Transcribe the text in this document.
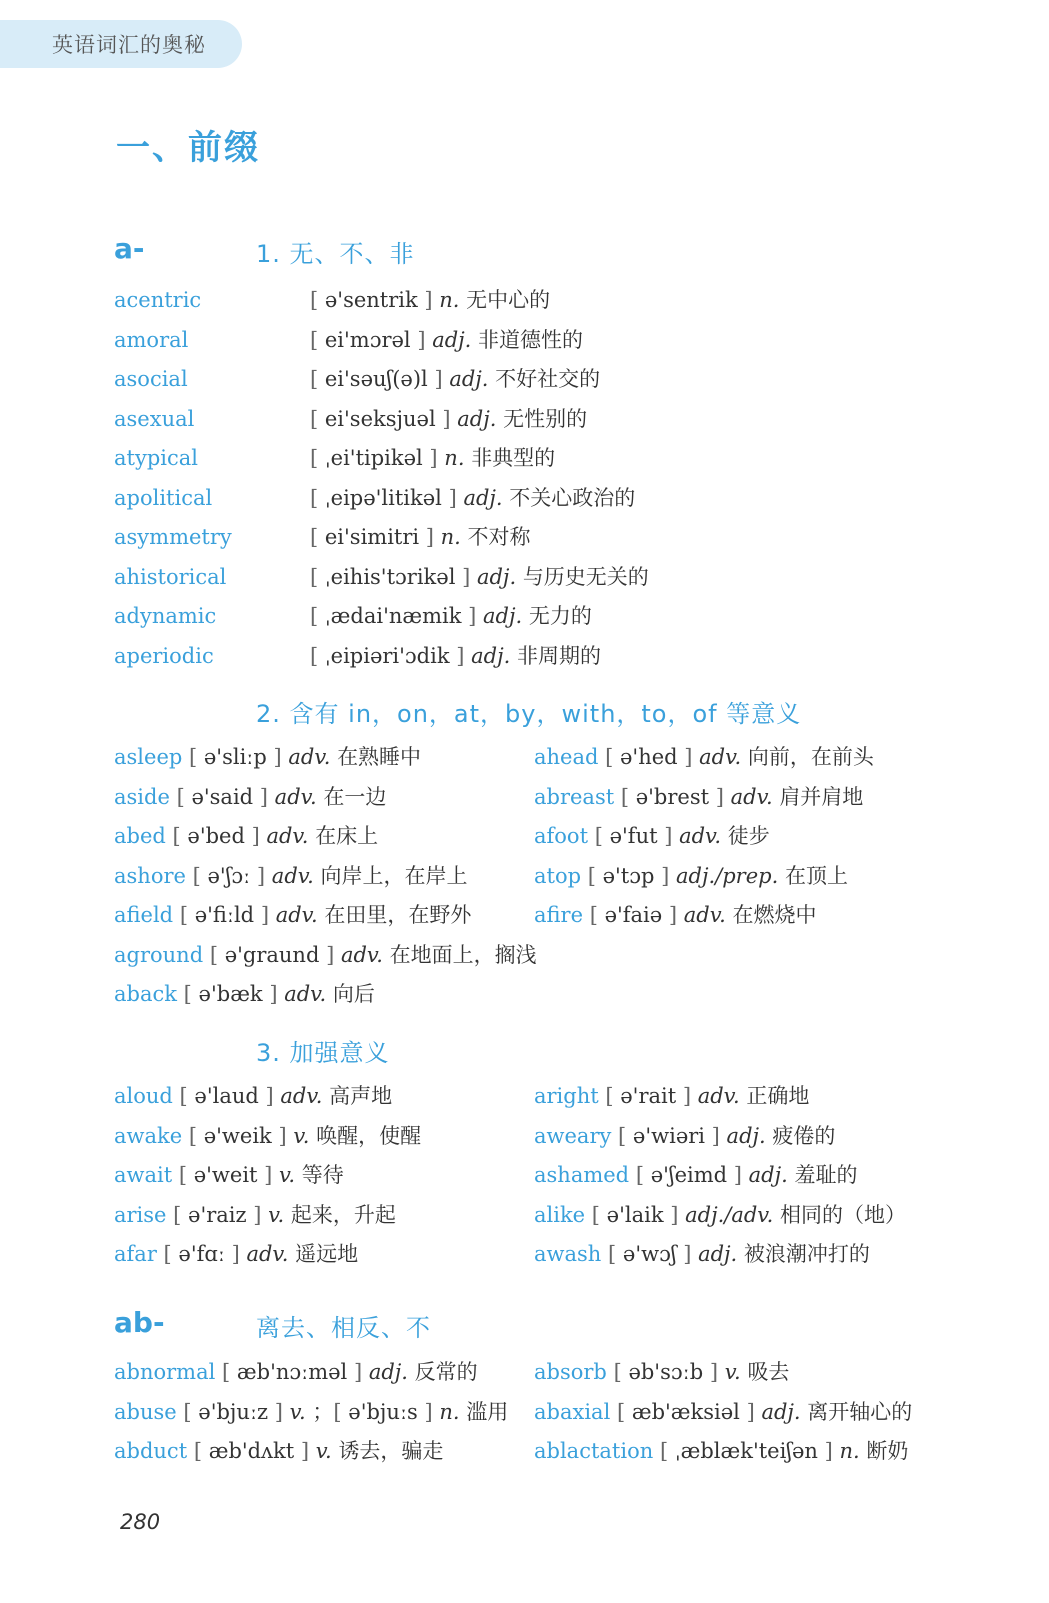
英语词汇的奥秘
一、前缀
a-	1. 无、不、非
acentric	[ ə'sentrik ] n. 无中心的
amoral	[ ei'mɔrəl ] adj. 非道德性的
asocial	[ ei'səuʃ(ə)l ] adj. 不好社交的
asexual	[ ei'seksjuəl ] adj. 无性别的
atypical	[ ˌei'tipikəl ] n. 非典型的
apolitical	[ ˌeipə'litikəl ] adj. 不关心政治的
asymmetry	[ ei'simitri ] n. 不对称
ahistorical	[ ˌeihis'tɔrikəl ] adj. 与历史无关的
adynamic	[ ˌædai'næmik ] adj. 无力的
aperiodic	[ ˌeipiəri'ɔdik ] adj. 非周期的
2. 含有 in，on，at，by，with，to，of 等意义
asleep [ ə'sliːp ] adv. 在熟睡中
aside [ ə'said ] adv. 在一边
abed [ ə'bed ] adv. 在床上
ashore [ ə'ʃɔː ] adv. 向岸上，在岸上
afield [ ə'fiːld ] adv. 在田里，在野外
aground [ ə'graund ] adv. 在地面上，搁浅
aback [ ə'bæk ] adv. 向后
ahead [ ə'hed ] adv. 向前，在前头
abreast [ ə'brest ] adv. 肩并肩地
afoot [ ə'fut ] adv. 徒步
atop [ ə'tɔp ] adj./prep. 在顶上
afire [ ə'faiə ] adv. 在燃烧中
3. 加强意义
aloud [ ə'laud ] adv. 高声地
awake [ ə'weik ] v. 唤醒，使醒
await [ ə'weit ] v. 等待
arise [ ə'raiz ] v. 起来，升起
afar [ ə'fɑː ] adv. 遥远地
aright [ ə'rait ] adv. 正确地
aweary [ ə'wiəri ] adj. 疲倦的
ashamed [ ə'ʃeimd ] adj. 羞耻的
alike [ ə'laik ] adj./adv. 相同的（地）
awash [ ə'wɔʃ ] adj. 被浪潮冲打的
ab-	离去、相反、不
abnormal [ æb'nɔːməl ] adj. 反常的
abuse [ ə'bjuːz ] v. ；[ ə'bjuːs ] n. 滥用
abduct [ æb'dʌkt ] v. 诱去，骗走
absorb [ əb'sɔːb ] v. 吸去
abaxial [ æb'æksiəl ] adj. 离开轴心的
ablactation [ ˌæblæk'teiʃən ] n. 断奶
280
